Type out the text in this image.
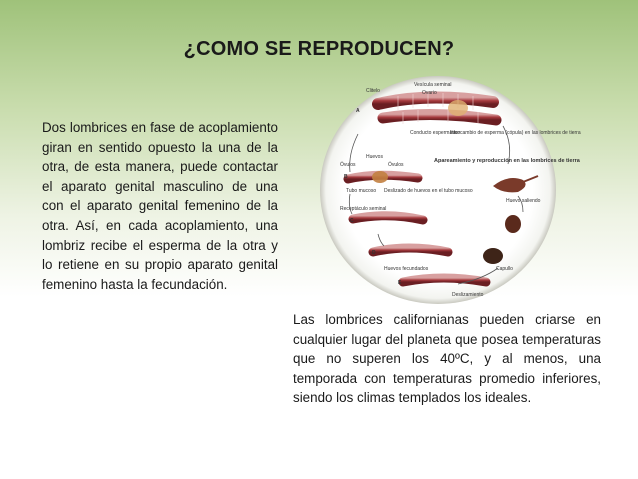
¿COMO SE REPRODUCEN?
Dos lombrices en fase de acoplamiento giran en sentido opuesto la una de la otra, de esta manera, puede contactar el aparato genital masculino de una con el aparato genital femenino de la otra. Así, en cada acoplamiento, una lombriz recibe el esperma de la otra y lo retiene en su propio aparato genital femenino hasta la fecundación.
Vesícula seminal
Ovario
Clitelo
Conducto espermático
Intercambio de esperma (cópula) en las lombrices de tierra
Huevos
Óvulos	Óvulos
Tubo mucoso Deslizado de huevos en el tubo mucoso
Apareamiento y reproducción en las lombrices de tierra
Receptáculo seminal
Huevo saliendo
Huevos fecundados	Capullo
Deslizamiento
A
B
C
D
E
Las lombrices californianas pueden criarse en cualquier lugar del planeta que posea temperaturas que no superen los 40ºC, y al menos, una temporada con temperaturas promedio inferiores, siendo los climas templados los ideales.
